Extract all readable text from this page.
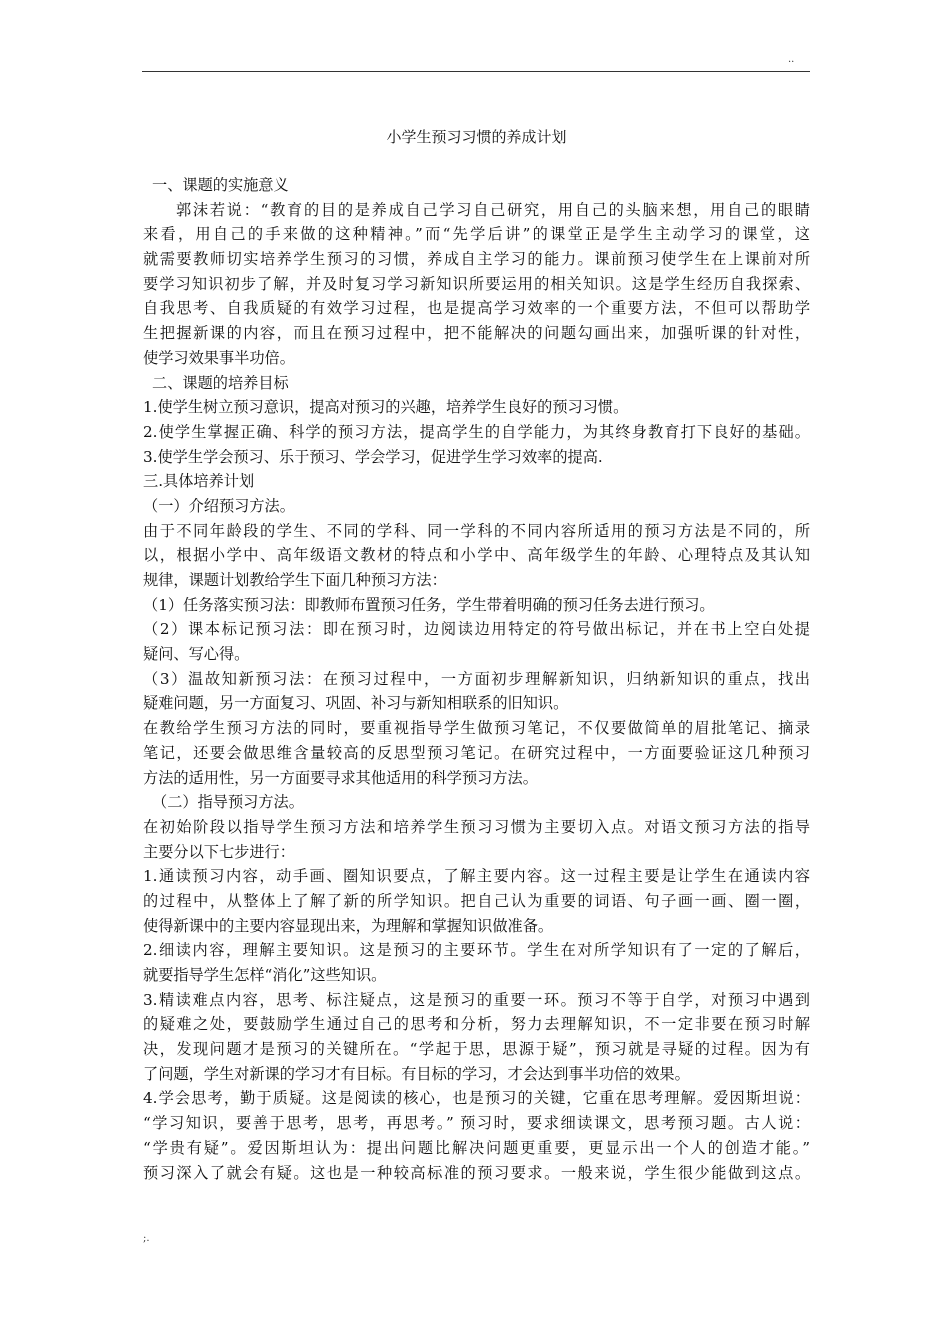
..
小学生预习习惯的养成计划
一、课题的实施意义
郭沫若说：“教育的目的是养成自己学习自己研究，用自己的头脑来想，用自己的眼睛
来看，用自己的手来做的这种精神。”而“先学后讲”的课堂正是学生主动学习的课堂，这
就需要教师切实培养学生预习的习惯，养成自主学习的能力。课前预习使学生在上课前对所
要学习知识初步了解，并及时复习学习新知识所要运用的相关知识。这是学生经历自我探索、
自我思考、自我质疑的有效学习过程，也是提高学习效率的一个重要方法，不但可以帮助学
生把握新课的内容，而且在预习过程中，把不能解决的问题勾画出来，加强听课的针对性，
使学习效果事半功倍。
二、课题的培养目标
1.使学生树立预习意识，提高对预习的兴趣，培养学生良好的预习习惯。
2.使学生掌握正确、科学的预习方法，提高学生的自学能力，为其终身教育打下良好的基础。
3.使学生学会预习、乐于预习、学会学习，促进学生学习效率的提高.
三.具体培养计划
（一）介绍预习方法。
由于不同年龄段的学生、不同的学科、同一学科的不同内容所适用的预习方法是不同的，所
以，根据小学中、高年级语文教材的特点和小学中、高年级学生的年龄、心理特点及其认知
规律，课题计划教给学生下面几种预习方法：
（1）任务落实预习法：即教师布置预习任务，学生带着明确的预习任务去进行预习。
（2）课本标记预习法：即在预习时，边阅读边用特定的符号做出标记，并在书上空白处提
疑问、写心得。
（3）温故知新预习法：在预习过程中，一方面初步理解新知识，归纳新知识的重点，找出
疑难问题，另一方面复习、巩固、补习与新知相联系的旧知识。
在教给学生预习方法的同时，要重视指导学生做预习笔记，不仅要做简单的眉批笔记、摘录
笔记，还要会做思维含量较高的反思型预习笔记。在研究过程中，一方面要验证这几种预习
方法的适用性，另一方面要寻求其他适用的科学预习方法。
（二）指导预习方法。
在初始阶段以指导学生预习方法和培养学生预习习惯为主要切入点。对语文预习方法的指导
主要分以下七步进行：
1.通读预习内容，动手画、圈知识要点，了解主要内容。这一过程主要是让学生在通读内容
的过程中，从整体上了解了新的所学知识。把自己认为重要的词语、句子画一画、圈一圈，
使得新课中的主要内容显现出来，为理解和掌握知识做准备。
2.细读内容，理解主要知识。这是预习的主要环节。学生在对所学知识有了一定的了解后，
就要指导学生怎样“消化”这些知识。
3.精读难点内容，思考、标注疑点，这是预习的重要一环。预习不等于自学，对预习中遇到
的疑难之处，要鼓励学生通过自己的思考和分析，努力去理解知识，不一定非要在预习时解
决，发现问题才是预习的关键所在。“学起于思，思源于疑”，预习就是寻疑的过程。因为有
了问题，学生对新课的学习才有目标。有目标的学习，才会达到事半功倍的效果。
4.学会思考，勤于质疑。这是阅读的核心，也是预习的关键，它重在思考理解。爱因斯坦说：
“学习知识，要善于思考，思考，再思考。” 预习时，要求细读课文，思考预习题。古人说：
“学贵有疑”。爱因斯坦认为：提出问题比解决问题更重要，更显示出一个人的创造才能。”
预习深入了就会有疑。这也是一种较高标准的预习要求。一般来说，学生很少能做到这点。
;.
